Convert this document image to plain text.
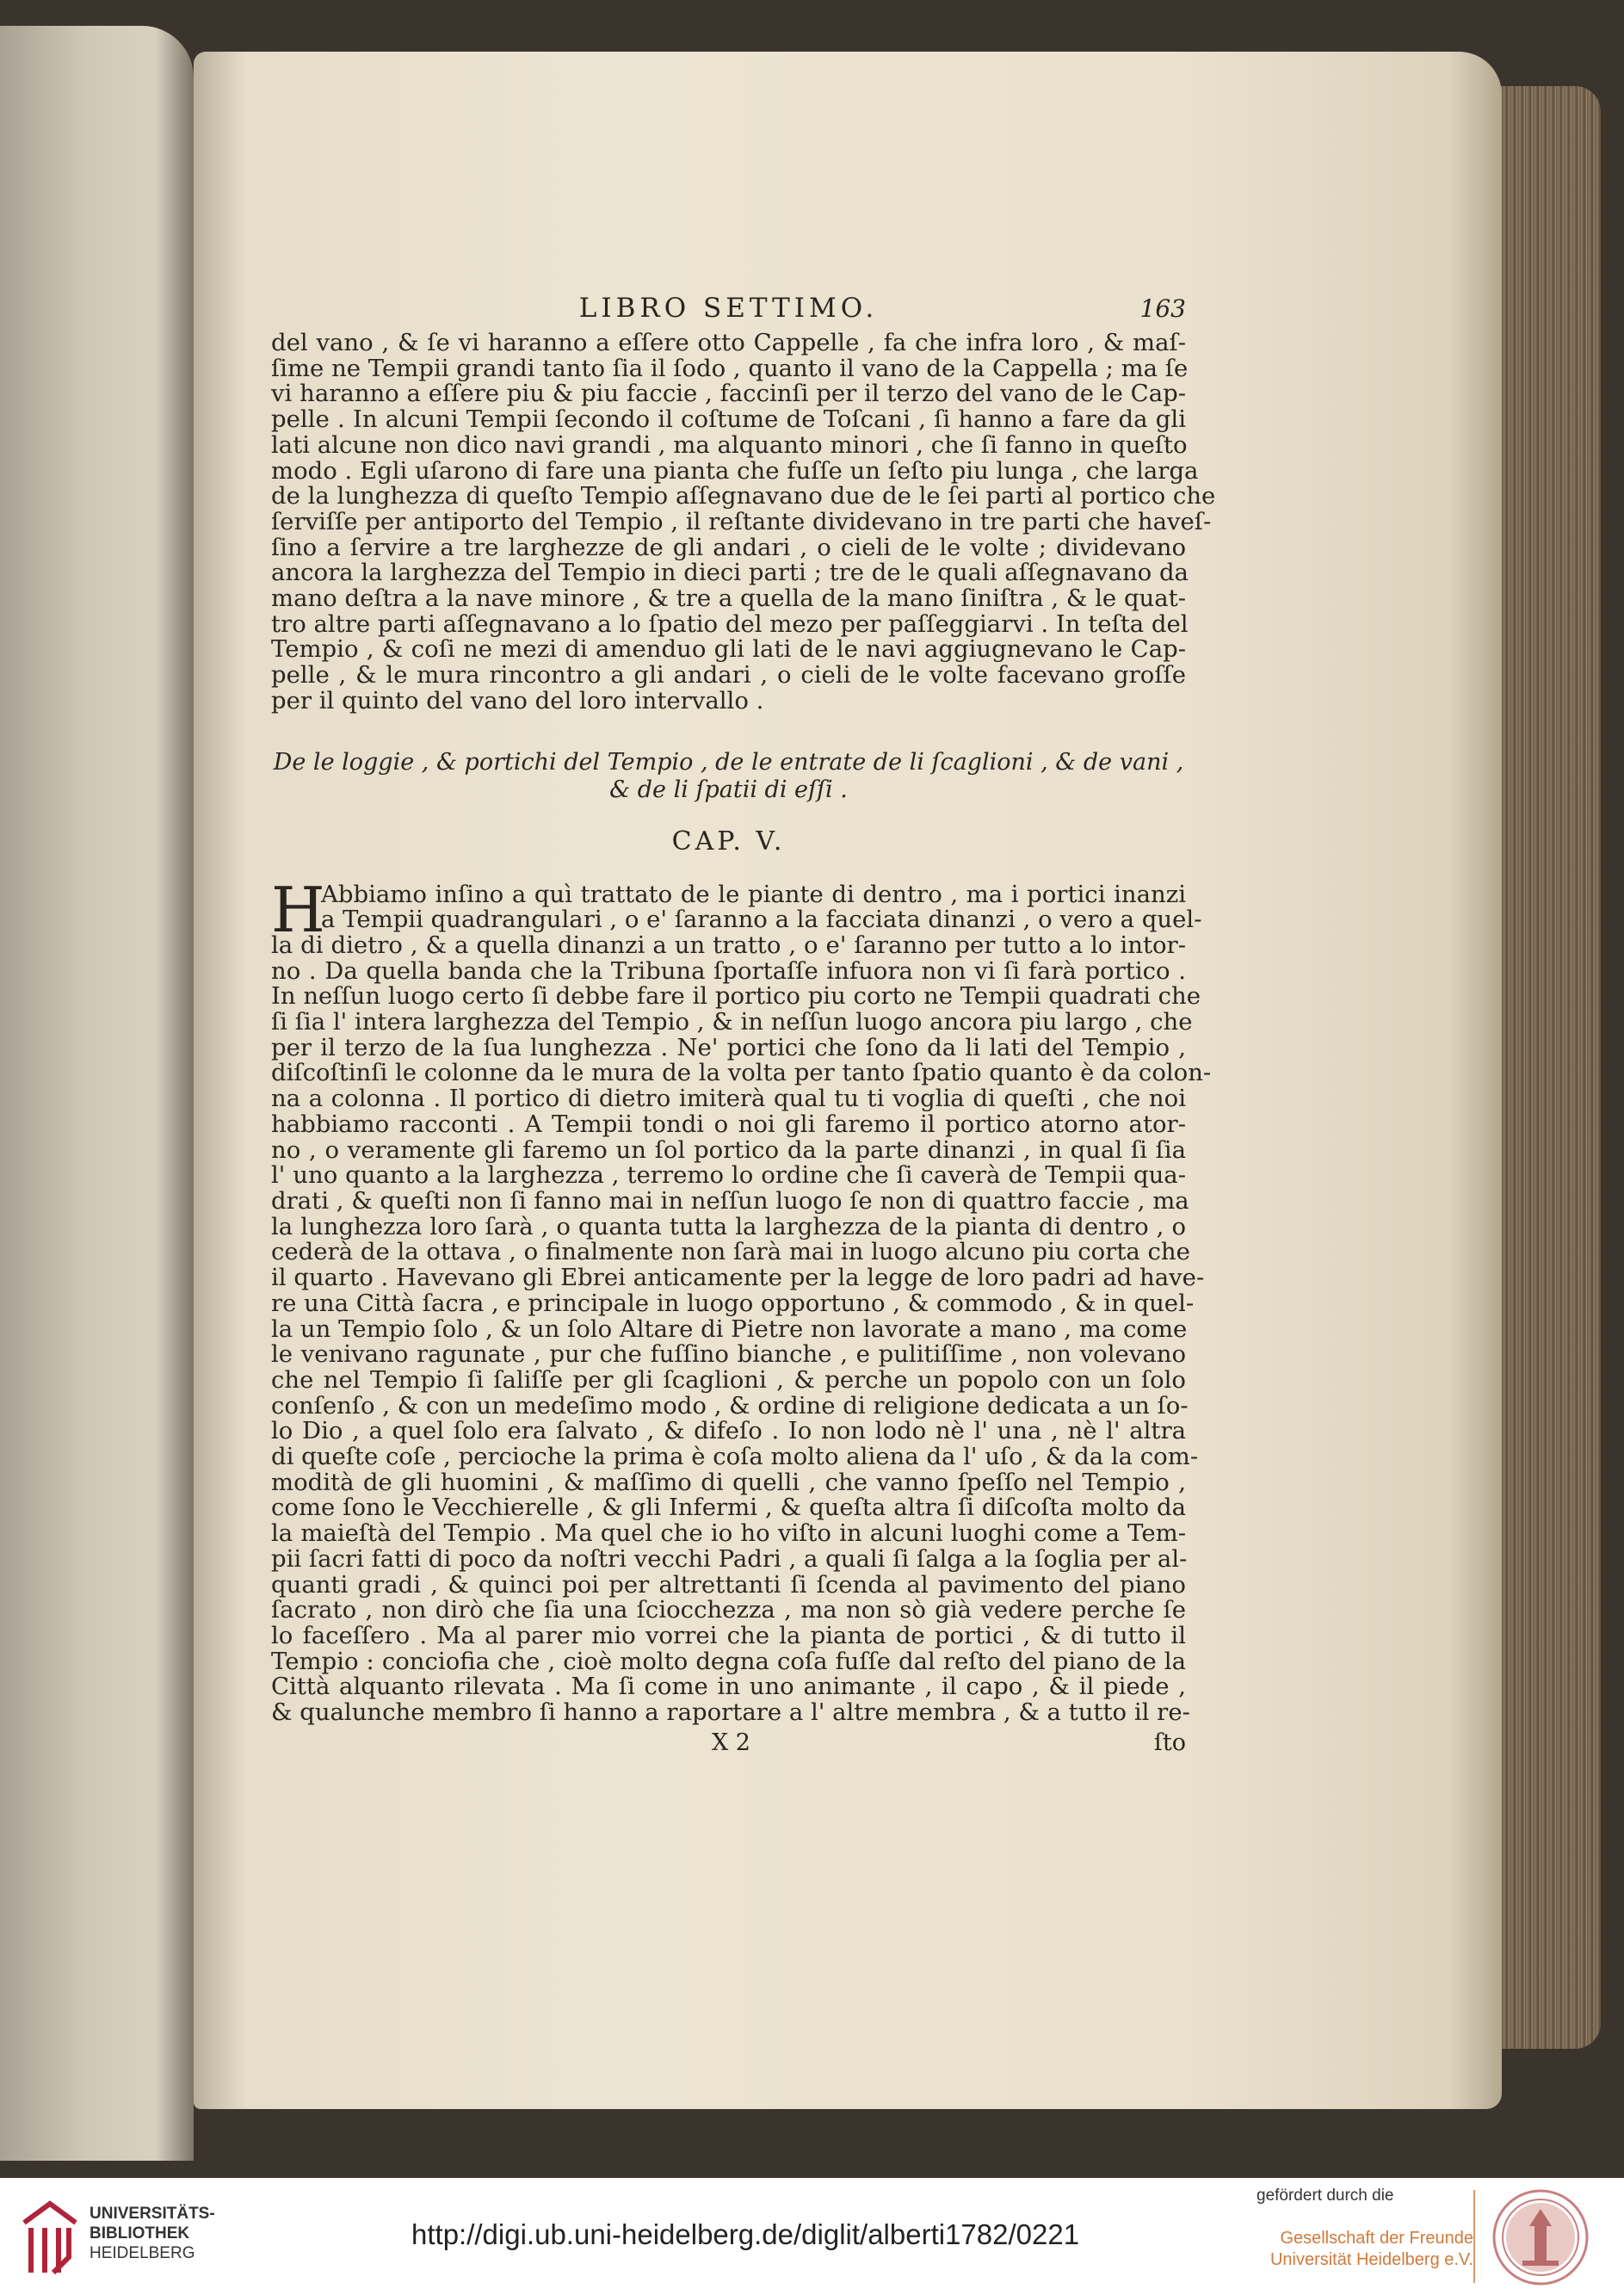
LIBRO SETTIMO.	163
del vano , & ſe vi haranno a eſſere otto Cappelle , fa che infra loro , & maſ-
ſime ne Tempii grandi tanto ſia il ſodo , quanto il vano de la Cappella ; ma ſe
vi haranno a eſſere piu & piu faccie , faccinſi per il terzo del vano de le Cap-
pelle . In alcuni Tempii ſecondo il coſtume de Toſcani , ſi hanno a fare da gli
lati alcune non dico navi grandi , ma alquanto minori , che ſi fanno in queſto
modo . Egli uſarono di fare una pianta che fuſſe un ſeſto piu lunga , che larga
de la lunghezza di queſto Tempio aſſegnavano due de le ſei parti al portico che
ſerviſſe per antiporto del Tempio , il reſtante dividevano in tre parti che haveſ-
ſino a ſervire a tre larghezze de gli andari , o cieli de le volte ; dividevano
ancora la larghezza del Tempio in dieci parti ; tre de le quali aſſegnavano da
mano deſtra a la nave minore , & tre a quella de la mano ſiniſtra , & le quat-
tro altre parti aſſegnavano a lo ſpatio del mezo per paſſeggiarvi . In teſta del
Tempio , & coſi ne mezi di amenduo gli lati de le navi aggiugnevano le Cap-
pelle , & le mura rincontro a gli andari , o cieli de le volte facevano groſſe
per il quinto del vano del loro intervallo .
De le loggie , & portichi del Tempio , de le entrate de li ſcaglioni , & de vani ,
& de li ſpatii di eſſi .
CAP. V.
H
Abbiamo inſino a quì trattato de le piante di dentro , ma i portici inanzi
a Tempii quadrangulari , o e' ſaranno a la facciata dinanzi , o vero a quel-
la di dietro , & a quella dinanzi a un tratto , o e' ſaranno per tutto a lo intor-
no . Da quella banda che la Tribuna ſportaſſe infuora non vi ſi farà portico .
In neſſun luogo certo ſi debbe fare il portico piu corto ne Tempii quadrati che
ſi ſia l' intera larghezza del Tempio , & in neſſun luogo ancora piu largo , che
per il terzo de la ſua lunghezza . Ne' portici che ſono da li lati del Tempio ,
diſcoſtinſi le colonne da le mura de la volta per tanto ſpatio quanto è da colon-
na a colonna . Il portico di dietro imiterà qual tu ti voglia di queſti , che noi
habbiamo racconti . A Tempii tondi o noi gli faremo il portico atorno ator-
no , o veramente gli faremo un ſol portico da la parte dinanzi , in qual ſi ſia
l' uno quanto a la larghezza , terremo lo ordine che ſi caverà de Tempii qua-
drati , & queſti non ſi fanno mai in neſſun luogo ſe non di quattro faccie , ma
la lunghezza loro ſarà , o quanta tutta la larghezza de la pianta di dentro , o
cederà de la ottava , o finalmente non ſarà mai in luogo alcuno piu corta che
il quarto . Havevano gli Ebrei anticamente per la legge de loro padri ad have-
re una Città ſacra , e principale in luogo opportuno , & commodo , & in quel-
la un Tempio ſolo , & un ſolo Altare di Pietre non lavorate a mano , ma come
le venivano ragunate , pur che fuſſino bianche , e pulitiſſime , non volevano
che nel Tempio ſi ſaliſſe per gli ſcaglioni , & perche un popolo con un ſolo
conſenſo , & con un medeſimo modo , & ordine di religione dedicata a un ſo-
lo Dio , a quel ſolo era ſalvato , & difeſo . Io non lodo nè l' una , nè l' altra
di queſte coſe , percioche la prima è coſa molto aliena da l' uſo , & da la com-
modità de gli huomini , & maſſimo di quelli , che vanno ſpeſſo nel Tempio ,
come ſono le Vecchierelle , & gli Infermi , & queſta altra ſi diſcoſta molto da
la maieſtà del Tempio . Ma quel che io ho viſto in alcuni luoghi come a Tem-
pii ſacri fatti di poco da noſtri vecchi Padri , a quali ſi ſalga a la ſoglia per al-
quanti gradi , & quinci poi per altrettanti ſi ſcenda al pavimento del piano
ſacrato , non dirò che ſia una ſciocchezza , ma non sò già vedere perche ſe
lo faceſſero . Ma al parer mio vorrei che la pianta de portici , & di tutto il
Tempio : conciofia che , cioè molto degna coſa fuſſe dal reſto del piano de la
Città alquanto rilevata . Ma ſi come in uno animante , il capo , & il piede ,
& qualunche membro ſi hanno a raportare a l' altre membra , & a tutto il re-
X 2	ſto
UNIVERSITÄTS-
BIBLIOTHEK
HEIDELBERG
http://digi.ub.uni-heidelberg.de/diglit/alberti1782/0221
gefördert durch die
Gesellschaft der Freunde
Universität Heidelberg e.V.
